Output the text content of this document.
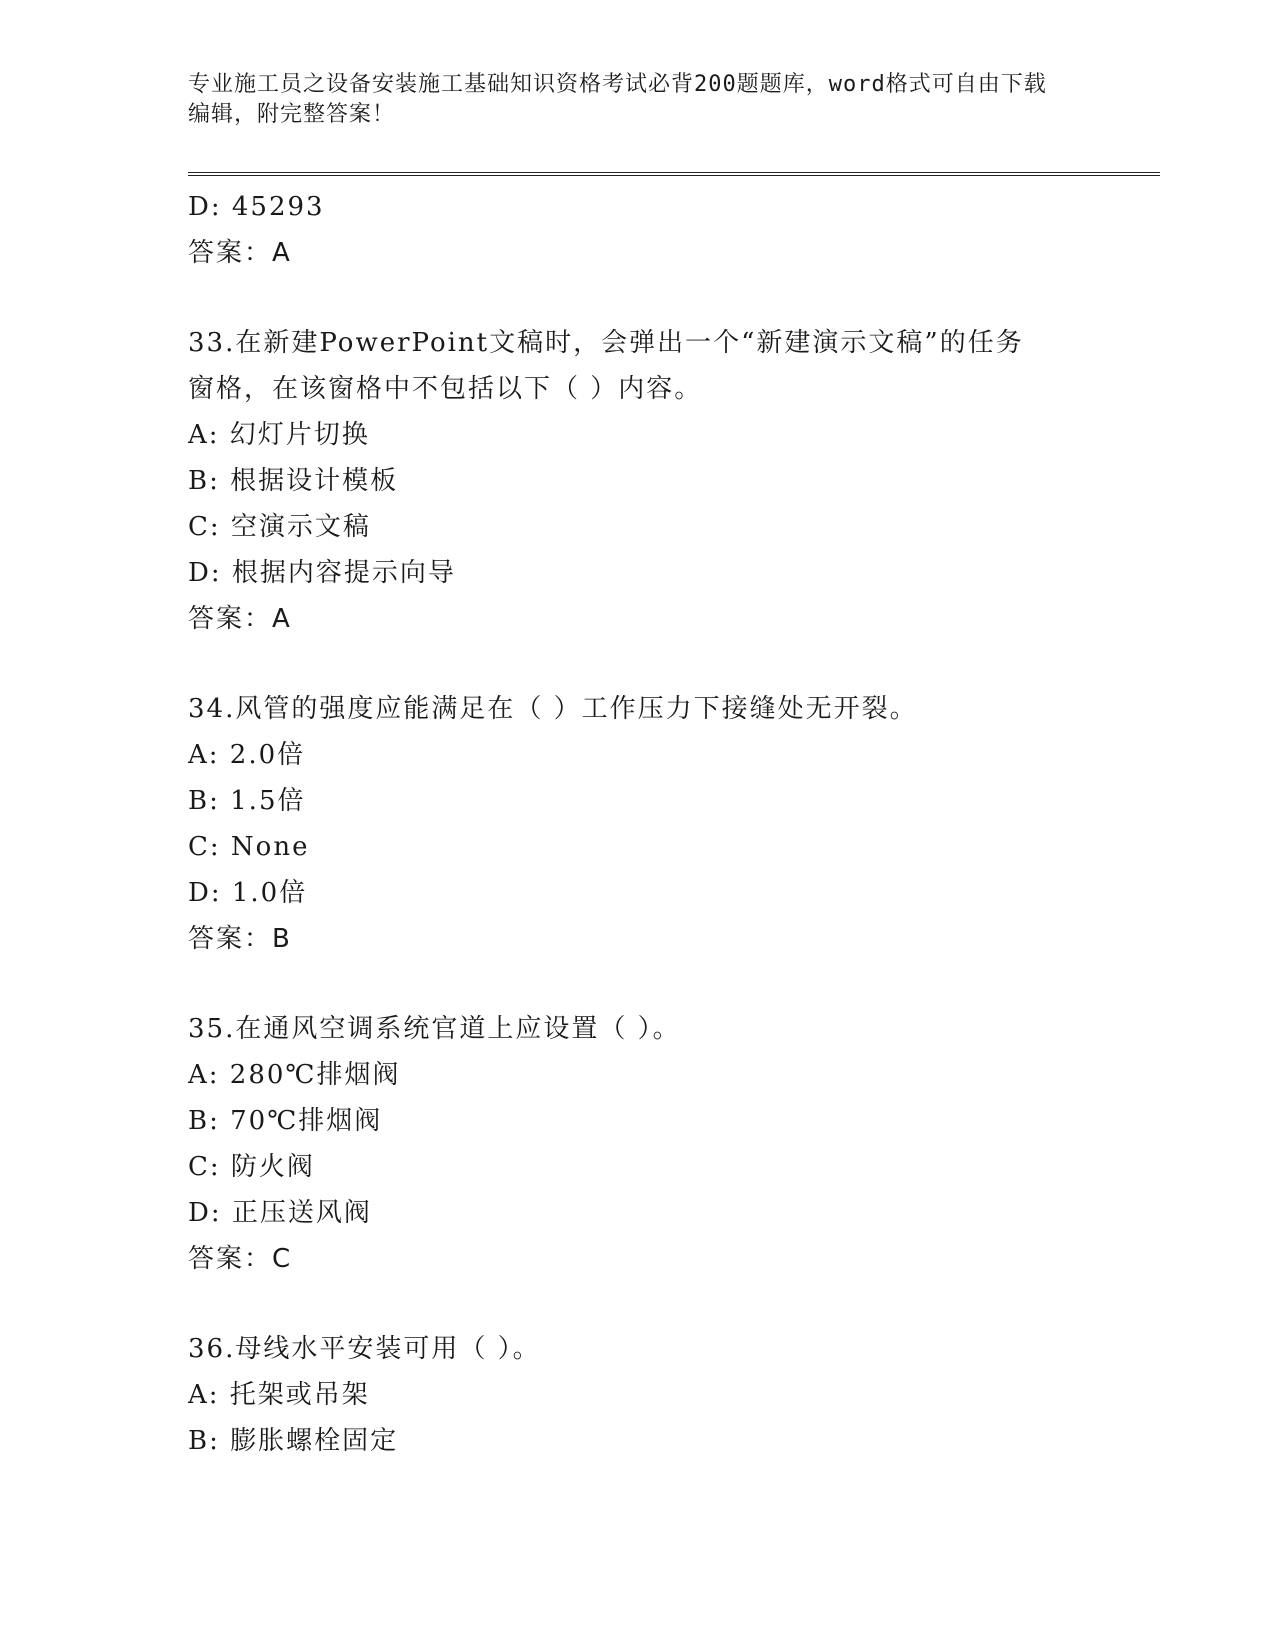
专业施工员之设备安装施工基础知识资格考试必背200题题库，word格式可自由下载编辑，附完整答案！

D: 45293
答案：A
33.在新建PowerPoint文稿时，会弹出一个“新建演示文稿”的任务
窗格，在该窗格中不包括以下（ ）内容。
A: 幻灯片切换
B: 根据设计模板
C: 空演示文稿
D: 根据内容提示向导
答案：A
34.风管的强度应能满足在（ ）工作压力下接缝处无开裂。
A: 2.0倍
B: 1.5倍
C: None
D: 1.0倍
答案：B
35.在通风空调系统官道上应设置（ ）。
A: 280℃排烟阀
B: 70℃排烟阀
C: 防火阀
D: 正压送风阀
答案：C
36.母线水平安装可用（ ）。
A: 托架或吊架
B: 膨胀螺栓固定
